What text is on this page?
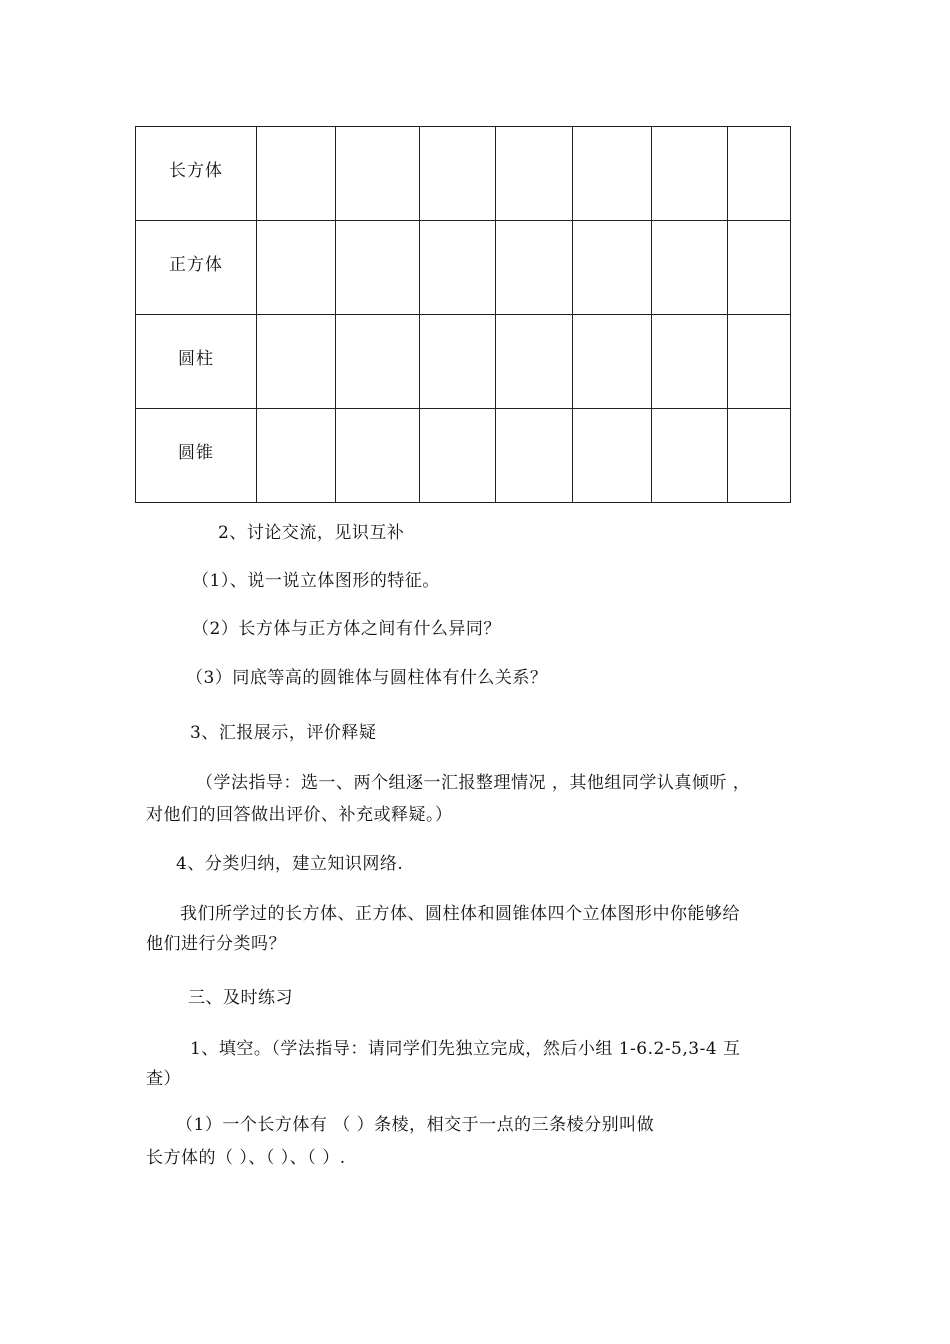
长方体							
正方体							
圆柱							
圆锥							
2、讨论交流，见识互补
（1）、说一说立体图形的特征。
（2）长方体与正方体之间有什么异同？
（3）同底等高的圆锥体与圆柱体有什么关系？
3、汇报展示，评价释疑
（学法指导：选一、两个组逐一汇报整理情况 ，其他组同学认真倾听 ，
对他们的回答做出评价、补充或释疑。）
4、分类归纳，建立知识网络.
我们所学过的长方体、正方体、圆柱体和圆锥体四个立体图形中你能够给
他们进行分类吗？
三、及时练习
1、填空。（学法指导：请同学们先独立完成，然后小组 1-6.2-5,3-4 互
查）
（1）一个长方体有 （ ）条棱，相交于一点的三条棱分别叫做
长方体的（ ）、（ ）、（ ）.
